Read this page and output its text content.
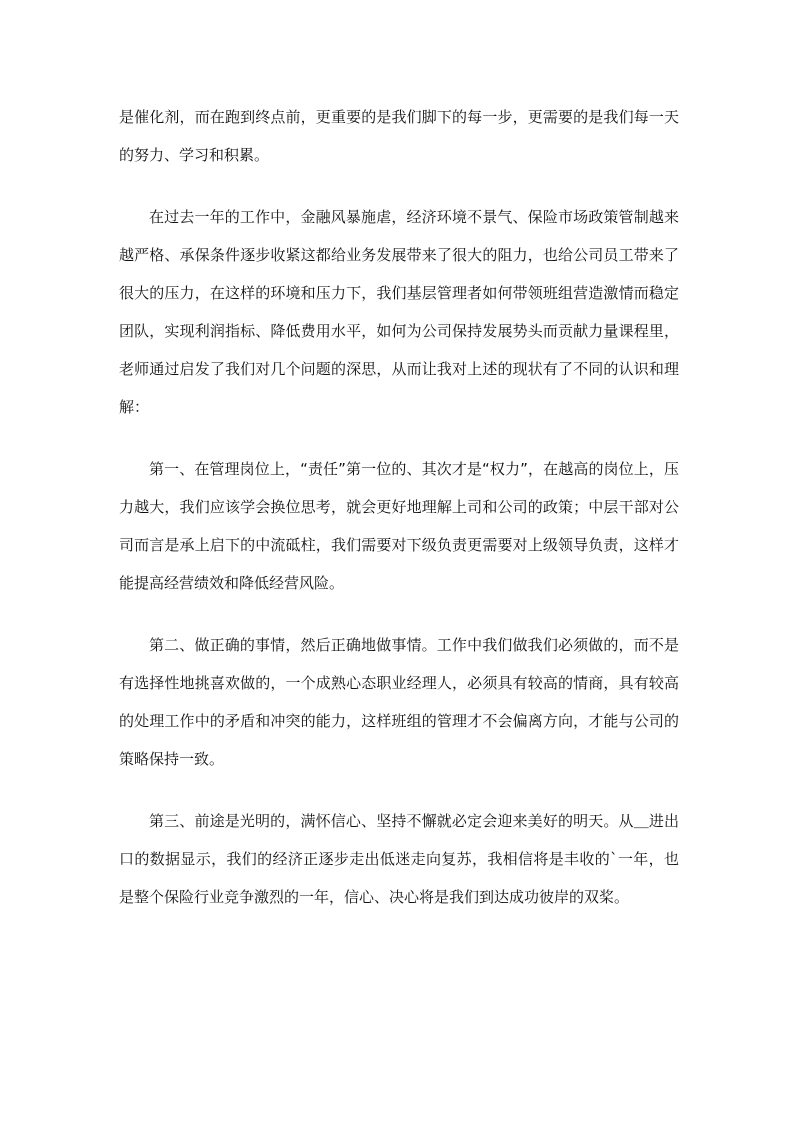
是催化剂，而在跑到终点前，更重要的是我们脚下的每一步，更需要的是我们每一天的努力、学习和积累。

在过去一年的工作中，金融风暴施虐，经济环境不景气、保险市场政策管制越来越严格、承保条件逐步收紧这都给业务发展带来了很大的阻力，也给公司员工带来了很大的压力，在这样的环境和压力下，我们基层管理者如何带领班组营造激情而稳定团队，实现利润指标、降低费用水平，如何为公司保持发展势头而贡献力量课程里，老师通过启发了我们对几个问题的深思，从而让我对上述的现状有了不同的认识和理解：

第一、在管理岗位上，“责任”第一位的、其次才是“权力”，在越高的岗位上，压力越大，我们应该学会换位思考，就会更好地理解上司和公司的政策；中层干部对公司而言是承上启下的中流砥柱，我们需要对下级负责更需要对上级领导负责，这样才能提高经营绩效和降低经营风险。

第二、做正确的事情，然后正确地做事情。工作中我们做我们必须做的，而不是有选择性地挑喜欢做的，一个成熟心态职业经理人，必须具有较高的情商，具有较高的处理工作中的矛盾和冲突的能力，这样班组的管理才不会偏离方向，才能与公司的策略保持一致。

第三、前途是光明的，满怀信心、坚持不懈就必定会迎来美好的明天。从＿进出口的数据显示，我们的经济正逐步走出低迷走向复苏，我相信将是丰收的`一年，也是整个保险行业竞争激烈的一年，信心、决心将是我们到达成功彼岸的双桨。
